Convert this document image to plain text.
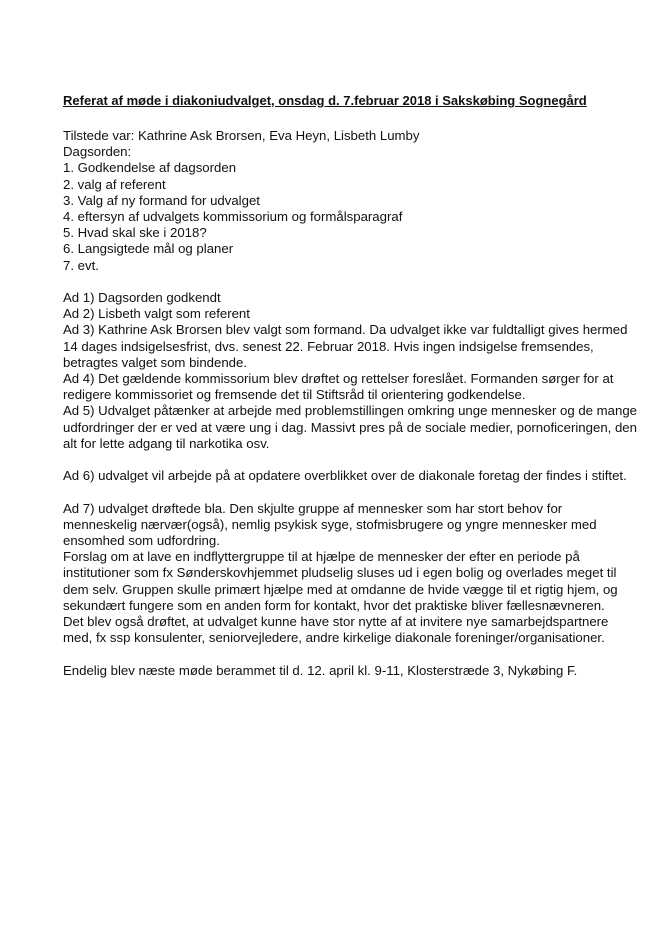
Referat af møde i diakoniudvalget, onsdag d. 7.februar 2018 i Sakskøbing Sognegård
Tilstede var: Kathrine Ask Brorsen, Eva Heyn, Lisbeth Lumby
Dagsorden:
1. Godkendelse af dagsorden
2. valg af referent
3. Valg af ny formand for udvalget
4. eftersyn af udvalgets kommissorium og formålsparagraf
5. Hvad skal ske i 2018?
6. Langsigtede mål og planer
7. evt.
Ad 1) Dagsorden godkendt
Ad 2) Lisbeth valgt som referent
Ad 3) Kathrine Ask Brorsen blev valgt som formand. Da udvalget ikke var fuldtalligt gives hermed
14 dages indsigelsesfrist, dvs. senest 22. Februar 2018. Hvis ingen indsigelse fremsendes,
betragtes valget som bindende.
Ad 4) Det gældende kommissorium blev drøftet og rettelser foreslået. Formanden sørger for at
redigere kommissoriet og fremsende det til Stiftsråd til orientering godkendelse.
Ad 5) Udvalget påtænker at arbejde med problemstillingen omkring unge mennesker og de mange
udfordringer der er ved at være ung i dag. Massivt pres på de sociale medier, pornoficeringen, den
alt for lette adgang til narkotika osv.
Ad 6) udvalget vil arbejde på at opdatere overblikket over de diakonale foretag der findes i stiftet.
Ad 7) udvalget drøftede bla. Den skjulte gruppe af mennesker som har stort behov for
menneskelig nærvær(også), nemlig psykisk syge, stofmisbrugere og yngre mennesker med
ensomhed som udfordring.
Forslag om at lave en indflyttergruppe til at hjælpe de mennesker der efter en periode på
institutioner som fx Sønderskovhjemmet pludselig sluses ud i egen bolig og overlades meget til
dem selv. Gruppen skulle primært hjælpe med at omdanne de hvide vægge til et rigtig hjem, og
sekundært fungere som en anden form for kontakt, hvor det praktiske bliver fællesnævneren.
Det blev også drøftet, at udvalget kunne have stor nytte af at invitere nye samarbejdspartnere
med, fx ssp konsulenter, seniorvejledere, andre kirkelige diakonale foreninger/organisationer.
Endelig blev næste møde berammet til d. 12. april kl. 9-11, Klosterstræde 3, Nykøbing F.
